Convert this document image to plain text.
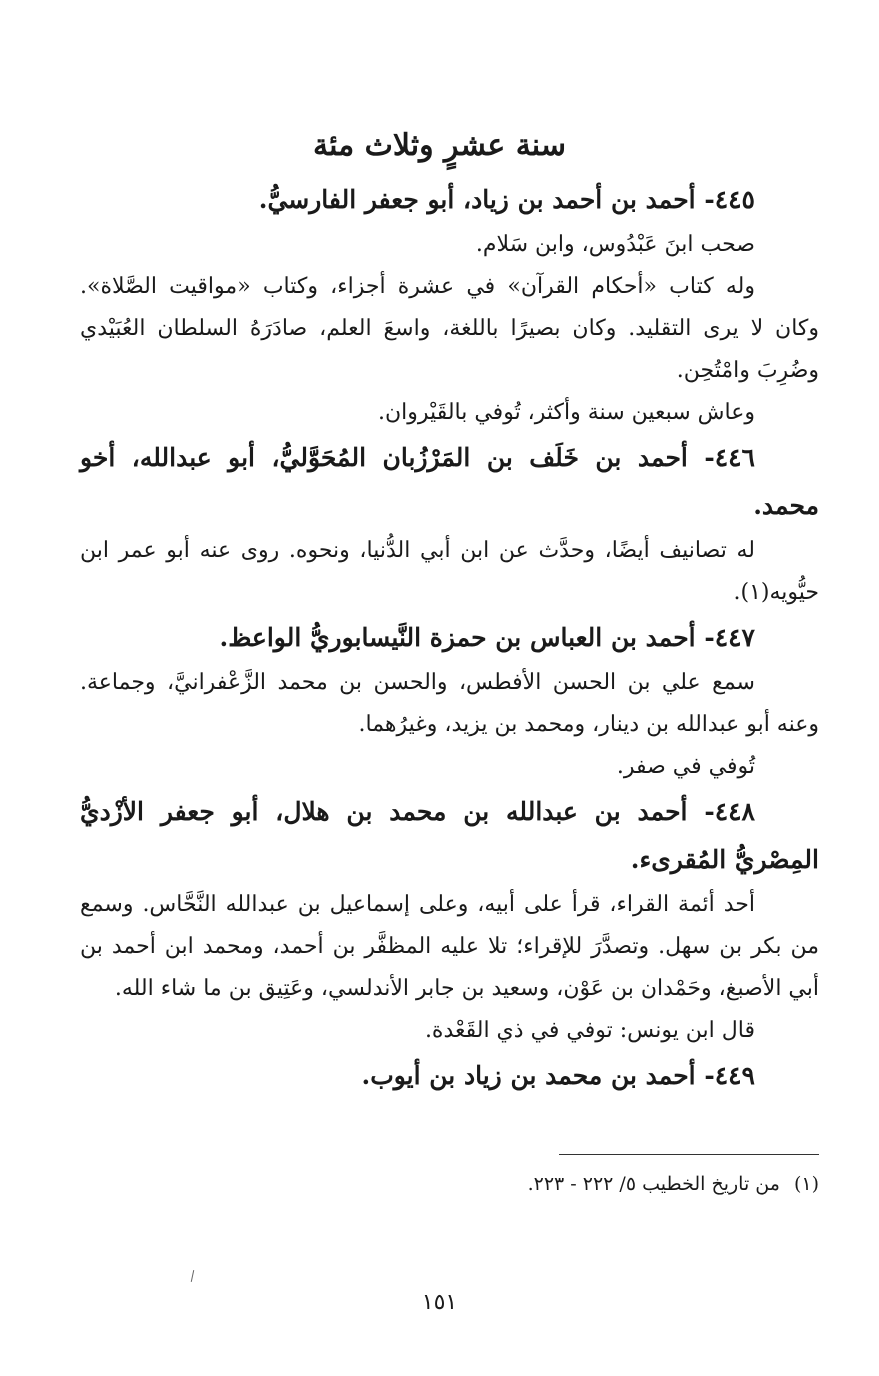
سنة عشرٍ وثلاث مئة

٤٤٥- أحمد بن أحمد بن زياد، أبو جعفر الفارسيُّ.

صحب ابنَ عَبْدُوس، وابن سَلام.

وله كتاب «أحكام القرآن» في عشرة أجزاء، وكتاب «مواقيت الصَّلاة». وكان لا يرى التقليد. وكان بصيرًا باللغة، واسعَ العلم، صادَرَهُ السلطان العُبَيْدي وضُرِبَ وامْتُحِن.

وعاش سبعين سنة وأكثر، تُوفي بالقَيْروان.

٤٤٦- أحمد بن خَلَف بن المَرْزُبان المُحَوَّليُّ، أبو عبدالله، أخو محمد.

له تصانيف أيضًا، وحدَّث عن ابن أبي الدُّنيا، ونحوه. روى عنه أبو عمر ابن حيُّويه(١).

٤٤٧- أحمد بن العباس بن حمزة النَّيسابوريُّ الواعظ.

سمع علي بن الحسن الأفطس، والحسن بن محمد الزَّعْفرانيَّ، وجماعة. وعنه أبو عبدالله بن دينار، ومحمد بن يزيد، وغيرُهما.

تُوفي في صفر.

٤٤٨- أحمد بن عبدالله بن محمد بن هلال، أبو جعفر الأزْديُّ المِصْريُّ المُقرىء.

أحد أئمة القراء، قرأ على أبيه، وعلى إسماعيل بن عبدالله النَّحَّاس. وسمع من بكر بن سهل. وتصدَّرَ للإقراء؛ تلا عليه المظفَّر بن أحمد، ومحمد ابن أحمد بن أبي الأصبغ، وحَمْدان بن عَوْن، وسعيد بن جابر الأندلسي، وعَتِيق بن ما شاء الله.

قال ابن يونس: توفي في ذي القَعْدة.

٤٤٩- أحمد بن محمد بن زياد بن أيوب.

(١)من تاريخ الخطيب ٥/ ٢٢٢ - ٢٢٣.
١٥١
